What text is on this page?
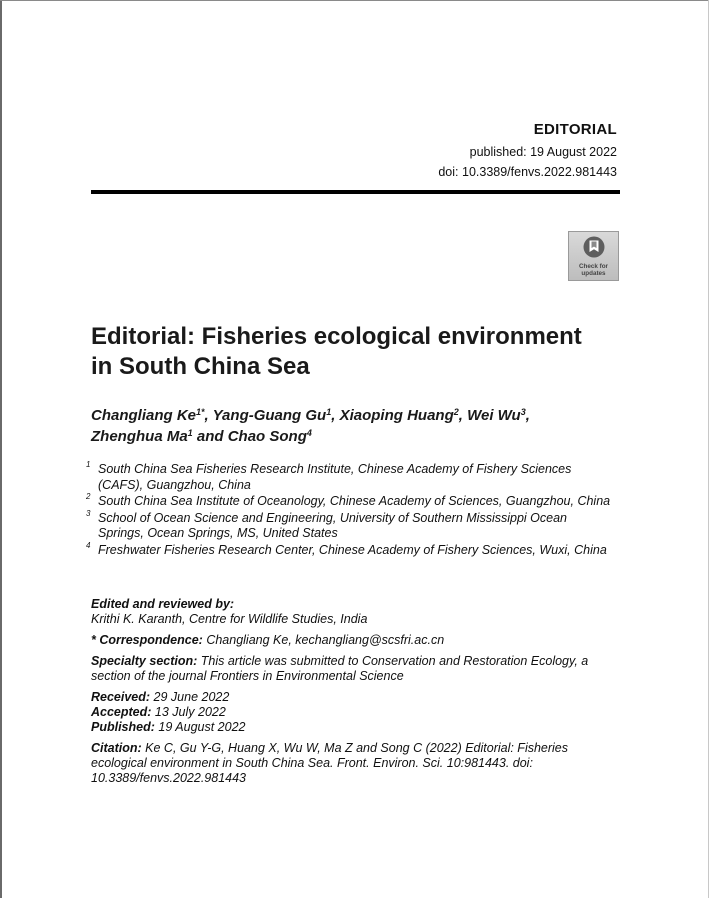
EDITORIAL
published: 19 August 2022
doi: 10.3389/fenvs.2022.981443
Check for
updates
Editorial: Fisheries ecological environment
in South China Sea
Changliang $Ke^{1*}$, Yang-Guang Gu$^1$, Xiaoping Huang$^2$, Wei Wu$^3$,
Zhenghua Ma$^1$ and Chao Song$^4$
1 South China Sea Fisheries Research Institute, Chinese Academy of Fishery Sciences (CAFS), Guangzhou, China
2 South China Sea Institute of Oceanology, Chinese Academy of Sciences, Guangzhou, China
3 School of Ocean Science and Engineering, University of Southern Mississippi Ocean Springs, Ocean Springs, MS, United States
4 Freshwater Fisheries Research Center, Chinese Academy of Fishery Sciences, Wuxi, China
Edited and reviewed by:
Krithi K. Karanth, Centre for Wildlife Studies, India
* Correspondence: Changliang Ke, kechangliang@scsfri.ac.cn
Specialty section: This article was submitted to Conservation and Restoration Ecology, a section of the journal Frontiers in Environmental Science
Received: 29 June 2022
Accepted: 13 July 2022
Published: 19 August 2022
Citation: Ke C, Gu Y-G, Huang X, Wu W, Ma Z and Song C (2022) Editorial: Fisheries ecological environment in South China Sea. Front. Environ. Sci. 10:981443. doi: 10.3389/fenvs.2022.981443
